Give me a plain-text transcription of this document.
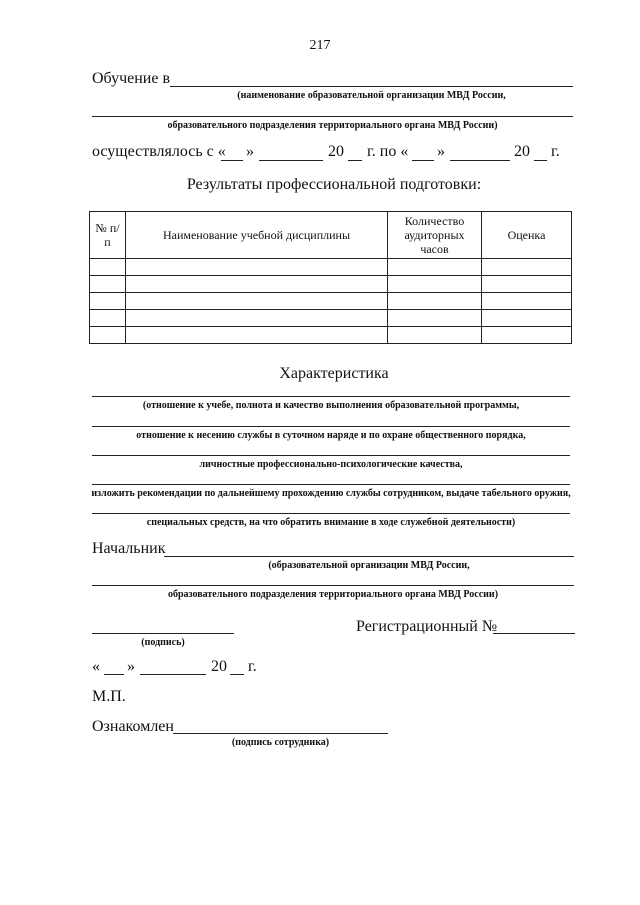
217
Обучение в
(наименование образовательной организации МВД России,
образовательного подразделения территориального органа МВД России)
осуществлялось с « »	20 г. по « »	20 г.
Результаты профессиональной подготовки:
№ п/п	Наименование учебной дисциплины	Количество аудиторных часов	Оценка

Характеристика
(отношение к учебе, полнота и качество выполнения образовательной программы,
отношение к несению службы в суточном наряде и по охране общественного порядка,
личностные профессионально-психологические качества,
изложить рекомендации по дальнейшему прохождению службы сотрудником, выдаче табельного оружия,
специальных средств, на что обратить внимание в ходе служебной деятельности)
Начальник
(образовательной организации МВД России,
образовательного подразделения территориального органа МВД России)
(подпись)
Регистрационный №
« »	20 г.
М.П.
Ознакомлен
(подпись сотрудника)
